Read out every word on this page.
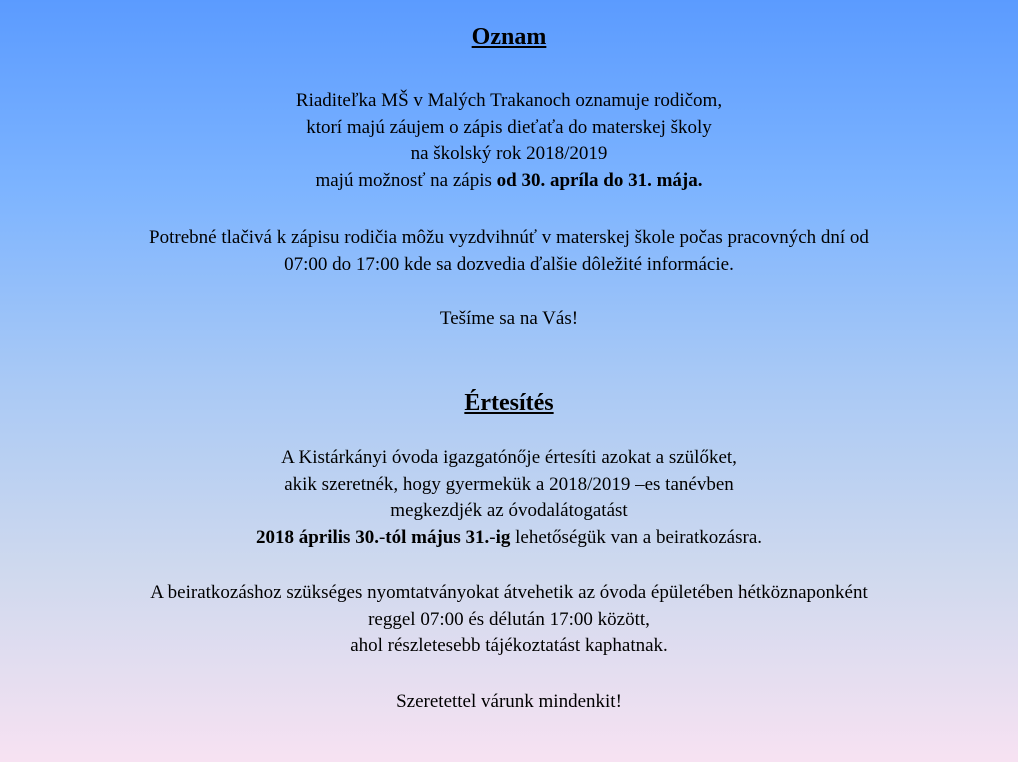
Oznam
Riaditeľka MŠ v Malých Trakanoch oznamuje rodičom,
ktorí majú záujem o zápis dieťaťa do materskej školy
na školský rok 2018/2019
majú možnosť na zápis od 30. apríla do 31. mája.
Potrebné tlačivá k zápisu rodičia môžu vyzdvihnúť v materskej škole počas pracovných dní od
07:00 do 17:00 kde sa dozvedia ďalšie dôležité informácie.
Tešíme sa na Vás!
Értesítés
A Kistárkányi óvoda igazgatónője értesíti azokat a szülőket,
akik szeretnék, hogy gyermekük a 2018/2019 –es tanévben
megkezdjék az óvodalátogatást
2018 április 30.-tól május 31.-ig lehetőségük van a beiratkozásra.
A beiratkozáshoz szükséges nyomtatványokat átvehetik az óvoda épületében hétköznaponként
reggel 07:00 és délután 17:00 között,
ahol részletesebb tájékoztatást kaphatnak.
Szeretettel várunk mindenkit!
